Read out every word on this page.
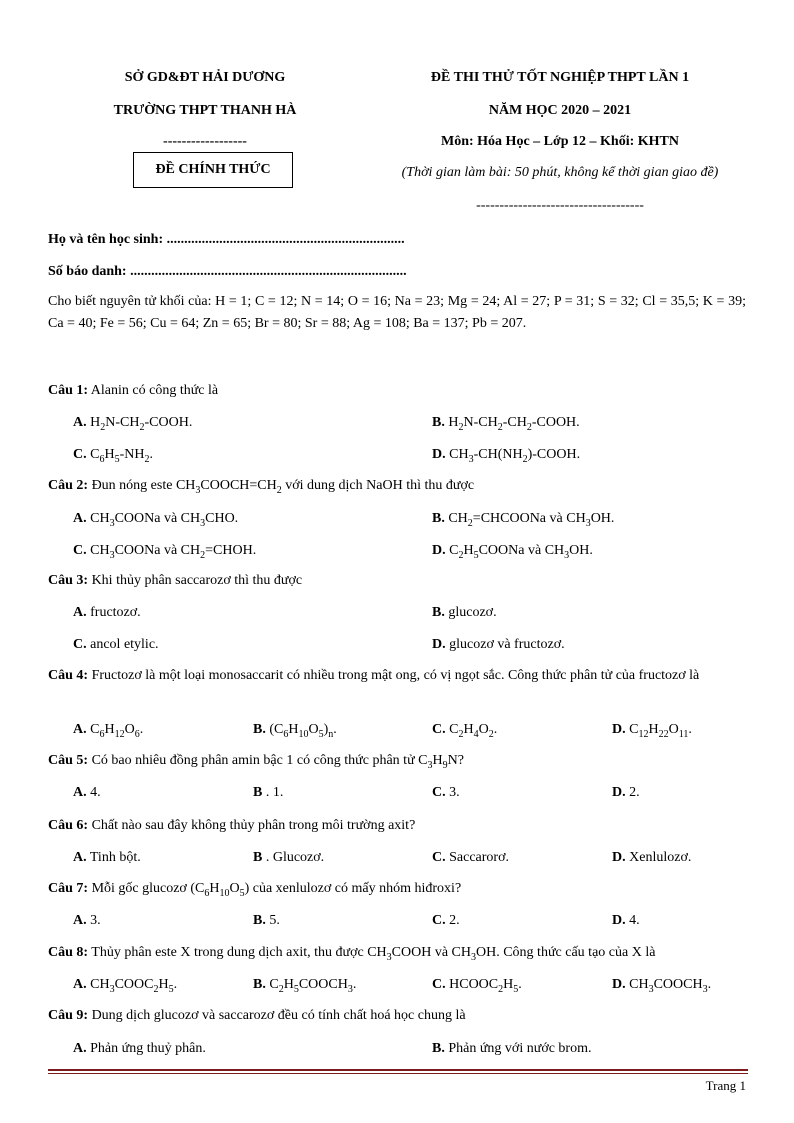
SỞ GD&ĐT HẢI DƯƠNG
TRƯỜNG THPT THANH HÀ
------------------
ĐỀ CHÍNH THỨC
ĐỀ THI THỬ TỐT NGHIỆP THPT LẦN 1
NĂM HỌC 2020 – 2021
Môn: Hóa Học – Lớp 12 – Khối: KHTN
(Thời gian làm bài: 50 phút, không kể thời gian giao đề)
------------------------------------
Họ và tên học sinh: ....................................................................
Số báo danh: ...............................................................................
Cho biết nguyên tử khối của: H = 1; C = 12; N = 14; O = 16; Na = 23; Mg = 24; Al = 27; P = 31; S = 32; Cl = 35,5; K = 39; Ca = 40; Fe = 56; Cu = 64; Zn = 65; Br = 80; Sr = 88; Ag = 108; Ba = 137; Pb = 207.
Câu 1: Alanin có công thức là
A. $H_2N-CH_2$-COOH.	B. $H_2N-CH_2-CH_2$-COOH.
C. $C_6H_5-NH_2$.	D. $CH_3-CH(NH_2)$-COOH.
Câu 2: Đun nóng este $CH_3COOCH=CH_2$ với dung dịch NaOH thì thu được
A. $CH_3COONa$ và $CH_3CHO$.	B. $CH_2=CHCOONa$ và $CH_3OH$.
C. $CH_3COONa$ và $CH_2=CHOH$.	D. $C_2H_5COONa$ và $CH_3OH$.
Câu 3: Khi thủy phân saccarozơ thì thu được
A. fructozơ.	B. glucozơ.
C. ancol etylic.	D. glucozơ và fructozơ.
Câu 4: Fructozơ là một loại monosaccarit có nhiều trong mật ong, có vị ngọt sắc. Công thức phân tử của fructozơ là
A. $C_6H_{12}O_6$.	B. $(C_6H_{10}O_5)_n$.	C. $C_2H_4O_2$.	D. $C_{12}H_{22}O_{11}$.
Câu 5: Có bao nhiêu đồng phân amin bậc 1 có công thức phân tử $C_3H_9N$?
A. 4.	B . 1.	C. 3.	D. 2.
Câu 6: Chất nào sau đây không thủy phân trong môi trường axit?
A. Tinh bột.	B . Glucozơ.	C. Saccarorơ.	D. Xenlulozơ.
Câu 7: Mỗi gốc glucozơ $(C_6H_{10}O_5)$ của xenlulozơ có mấy nhóm hiđroxi?
A. 3.	B. 5.	C. 2.	D. 4.
Câu 8: Thủy phân este X trong dung dịch axit, thu được $CH_3COOH$ và $CH_3OH$. Công thức cấu tạo của X là
A. $CH_3COOC_2H_5$.	B. $C_2H_5COOCH_3$.	C. $HCOOC_2H_5$.	D. $CH_3COOCH_3$.
Câu 9: Dung dịch glucozơ và saccarozơ đều có tính chất hoá học chung là
A. Phản ứng thuỷ phân.	B. Phản ứng với nước brom.
Trang 1
